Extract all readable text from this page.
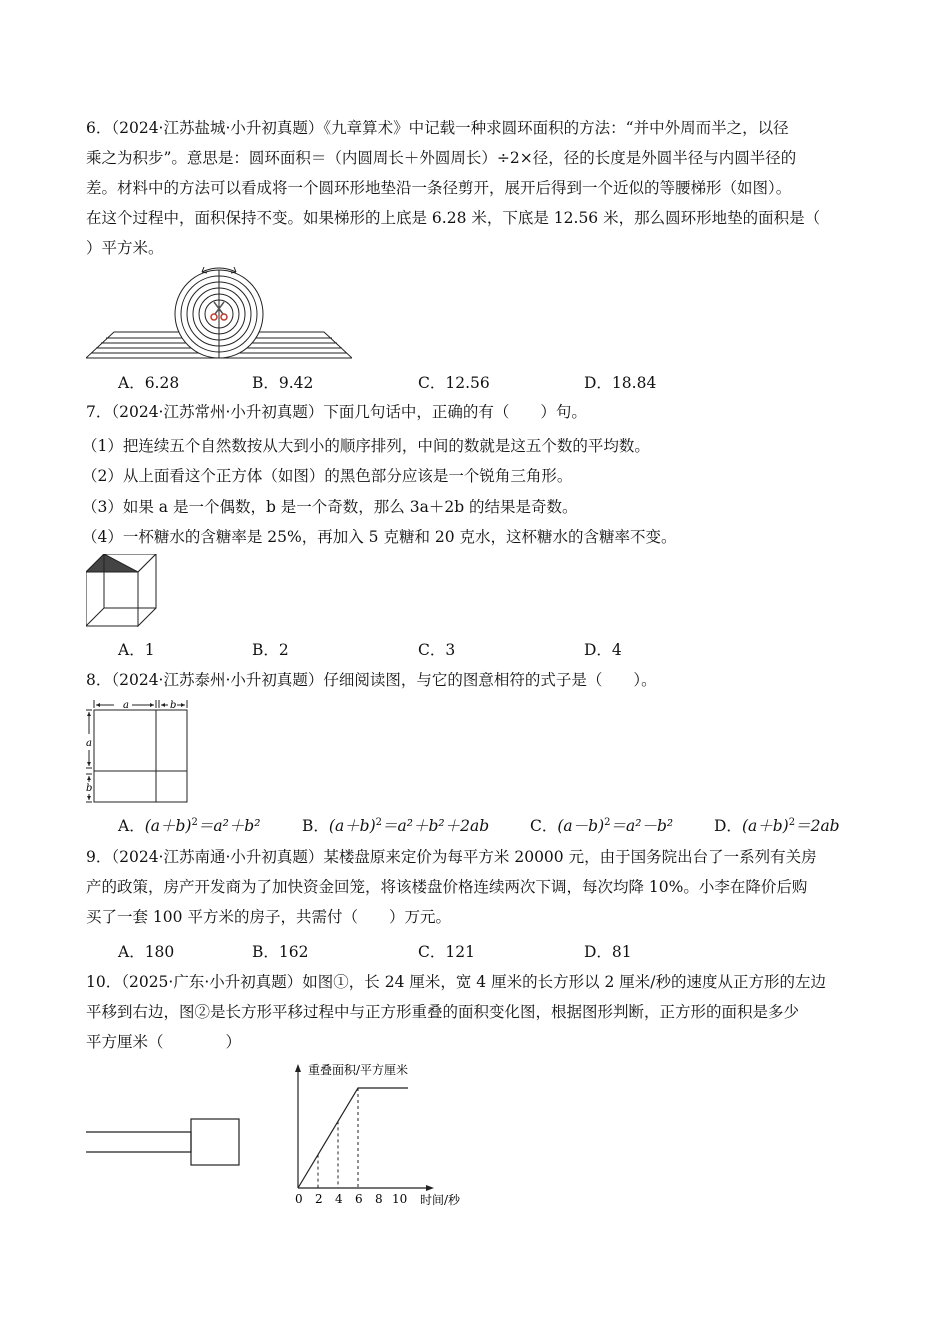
6．（2024·江苏盐城·小升初真题）《九章算术》中记载一种求圆环面积的方法：“并中外周而半之，以径
乘之为积步”。意思是：圆环面积＝（内圆周长＋外圆周长）÷2×径，径的长度是外圆半径与内圆半径的
差。材料中的方法可以看成将一个圆环形地垫沿一条径剪开，展开后得到一个近似的等腰梯形（如图）。
在这个过程中，面积保持不变。如果梯形的上底是 6.28 米，下底是 12.56 米，那么圆环形地垫的面积是（
）平方米。
A．6.28	B．9.42	C．12.56	D．18.84
7．（2024·江苏常州·小升初真题）下面几句话中，正确的有（　　）句。
（1）把连续五个自然数按从大到小的顺序排列，中间的数就是这五个数的平均数。
（2）从上面看这个正方体（如图）的黑色部分应该是一个锐角三角形。
（3）如果 a 是一个偶数，b 是一个奇数，那么 3a＋2b 的结果是奇数。
（4）一杯糖水的含糖率是 25%，再加入 5 克糖和 20 克水，这杯糖水的含糖率不变。
A．1	B．2	C．3	D．4
8．（2024·江苏泰州·小升初真题）仔细阅读图，与它的图意相符的式子是（　　）。
a	b
a
b
A．$(a+b)^2=a^2+b^2$	B．$(a+b)^2=a^2+b^2+2ab$	C．$(a-b)^2=a^2-b^2$	D．$(a+b)^2=2ab$
9．（2024·江苏南通·小升初真题）某楼盘原来定价为每平方米 20000 元，由于国务院出台了一系列有关房
产的政策，房产开发商为了加快资金回笼，将该楼盘价格连续两次下调，每次均降 10%。小李在降价后购
买了一套 100 平方米的房子，共需付（　　）万元。
A．180	B．162	C．121	D．81
10．（2025·广东·小升初真题）如图①，长 24 厘米，宽 4 厘米的长方形以 2 厘米/秒的速度从正方形的左边
平移到右边，图②是长方形平移过程中与正方形重叠的面积变化图，根据图形判断，正方形的面积是多少
平方厘米（　　　　）
重叠面积/平方厘米
时间/秒
0 2 4 6 8 10
